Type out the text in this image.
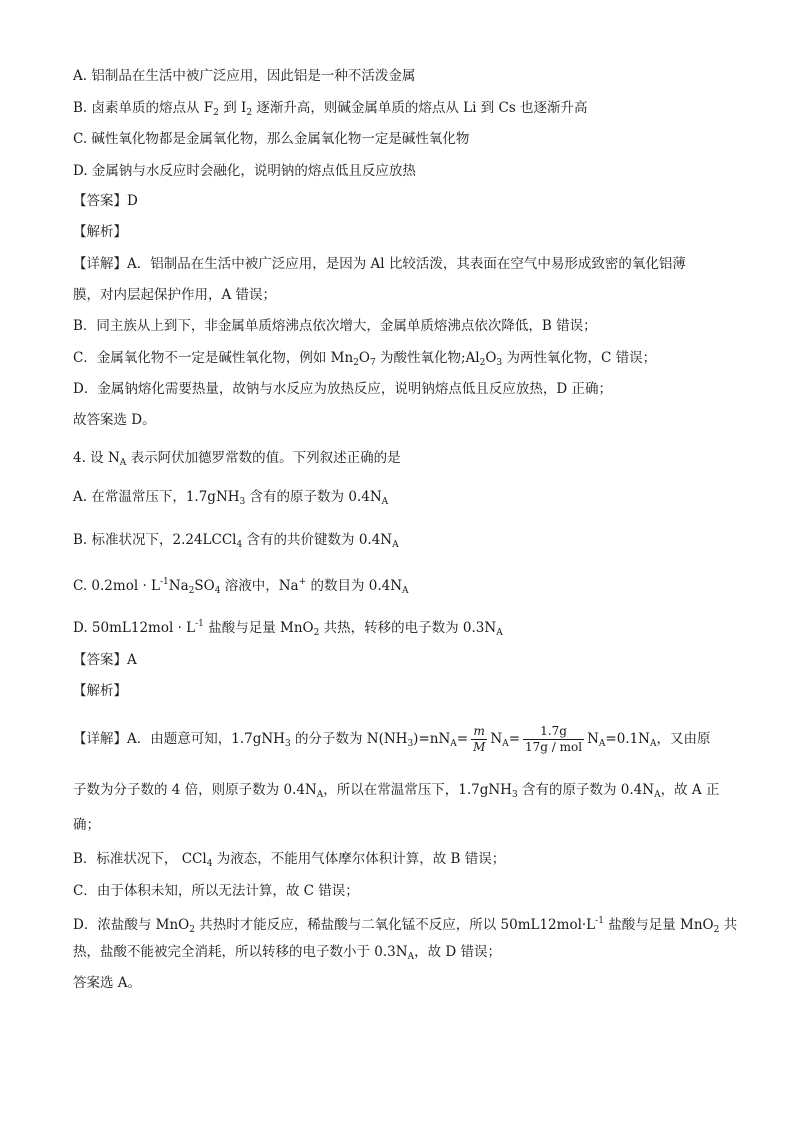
A. 铝制品在生活中被广泛应用，因此铝是一种不活泼金属
B. 卤素单质的熔点从 $F_2$ 到 $I_2$ 逐渐升高，则碱金属单质的熔点从 Li 到 Cs 也逐渐升高
C. 碱性氧化物都是金属氧化物，那么金属氧化物一定是碱性氧化物
D. 金属钠与水反应时会融化，说明钠的熔点低且反应放热
【答案】D
【解析】
【详解】A．铝制品在生活中被广泛应用，是因为 Al 比较活泼，其表面在空气中易形成致密的氧化铝薄
膜，对内层起保护作用，A 错误；
B．同主族从上到下，非金属单质熔沸点依次增大，金属单质熔沸点依次降低，B 错误；
C．金属氧化物不一定是碱性氧化物，例如 $Mn_2O_7$ 为酸性氧化物$;Al_2O_3$ 为两性氧化物，C 错误；
D．金属钠熔化需要热量，故钠与水反应为放热反应，说明钠熔点低且反应放热，D 正确；
故答案选 D。
4. 设 $N_A$ 表示阿伏加德罗常数的值。下列叙述正确的是
A. 在常温常压下，1.7gNH$_3$ 含有的原子数为 $0.4N_A$
B. 标准状况下，2.24LCCl$_4$ 含有的共价键数为 $0.4N_A$
C. $0.2mol \cdot L^{-1}Na_2SO_4$ 溶液中，Na+ 的数目为 $0.4N_A$
D. $50mL12mol \cdot L^{-1}$ 盐酸与足量 MnO$_2$ 共热，转移的电子数为 $0.3N_A$
【答案】A
【解析】
【详解】A．由题意可知，1.7gNH$_3$ 的分子数为 $N(NH_3)=nN_A= \frac{m}{M} N_A= \frac{1.7g}{\text{17g / mol}} N_A=0.1N_A$，又由原
子数为分子数的 4 倍，则原子数为 $0.4N_A$，所以在常温常压下，1.7gNH$_3$ 含有的原子数为 $0.4N_A$，故 A 正
确；
B．标准状况下， CCl$_4$ 为液态，不能用气体摩尔体积计算，故 B 错误；
C．由于体积未知，所以无法计算，故 C 错误；
D．浓盐酸与 MnO$_2$ 共热时才能反应，稀盐酸与二氧化锰不反应，所以 $50mL12mol\cdot L^{-1}$ 盐酸与足量 MnO$_2$ 共
热，盐酸不能被完全消耗，所以转移的电子数小于 $0.3N_A$，故 D 错误；
答案选 A。
